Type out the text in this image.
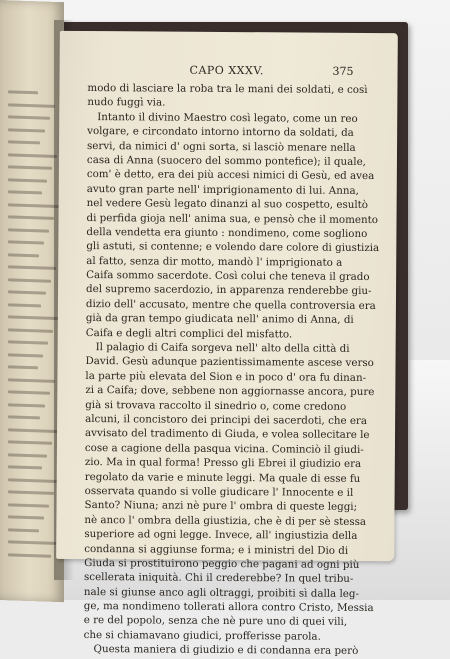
CAPO XXXV.	375
modo di lasciare la roba tra le mani dei soldati, e così
nudo fuggì via.
Intanto il divino Maestro così legato, come un reo
volgare, e circondato intorno intorno da soldati, da
servi, da nimici d' ogni sorta, si lasciò menare nella
casa di Anna (suocero del sommo pontefice); il quale,
com' è detto, era dei più accesi nimici di Gesù, ed avea
avuto gran parte nell' imprigionamento di lui. Anna,
nel vedere Gesù legato dinanzi al suo cospetto, esultò
di perfida gioja nell' anima sua, e pensò che il momento
della vendetta era giunto : nondimeno, come sogliono
gli astuti, si contenne; e volendo dare colore di giustizia
al fatto, senza dir motto, mandò l' imprigionato a
Caifa sommo sacerdote. Così colui che teneva il grado
del supremo sacerdozio, in apparenza renderebbe giu-
dizio dell' accusato, mentre che quella controversia era
già da gran tempo giudicata nell' animo di Anna, di
Caifa e degli altri complici del misfatto.
Il palagio di Caifa sorgeva nell' alto della città di
David. Gesù adunque pazientissimamente ascese verso
la parte più elevata del Sion e in poco d' ora fu dinan-
zi a Caifa; dove, sebbene non aggiornasse ancora, pure
già si trovava raccolto il sinedrio o, come credono
alcuni, il concistoro dei principi dei sacerdoti, che era
avvisato del tradimento di Giuda, e volea sollecitare le
cose a cagione della pasqua vicina. Cominciò il giudi-
zio. Ma in qual forma! Presso gli Ebrei il giudizio era
regolato da varie e minute leggi. Ma quale di esse fu
osservata quando si volle giudicare l' Innocente e il
Santo? Niuna; anzi nè pure l' ombra di queste leggi;
nè anco l' ombra della giustizia, che è di per sè stessa
superiore ad ogni legge. Invece, all' ingiustizia della
condanna si aggiunse forma; e i ministri del Dio di
Giuda si prostituirono peggio che pagani ad ogni più
scellerata iniquità. Chi il crederebbe? In quel tribu-
nale si giunse anco agli oltraggi, proibiti sì dalla leg-
ge, ma nondimeno tollerati allora contro Cristo, Messia
e re del popolo, senza che nè pure uno di quei vili,
che si chiamavano giudici, profferisse parola.
Questa maniera di giudizio e di condanna era però
